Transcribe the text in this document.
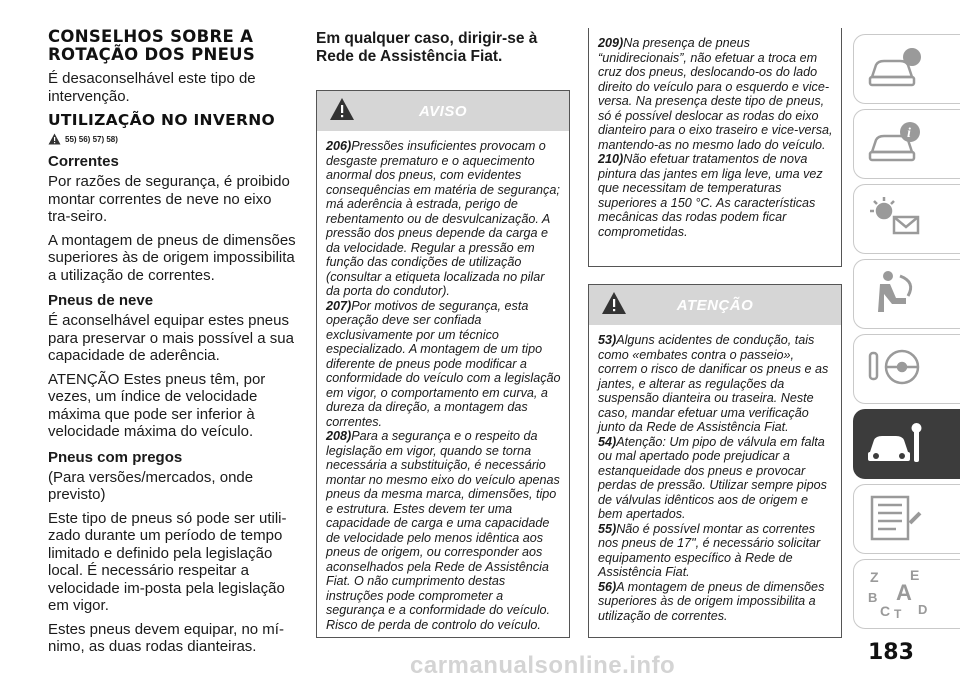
CONSELHOS SOBRE A ROTAÇÃO DOS PNEUS

É desaconselhável este tipo de intervenção.

UTILIZAÇÃO NO INVERNO
55) 56) 57) 58)
Correntes

Por razões de segurança, é proibido montar correntes de neve no eixo tra-seiro.

A montagem de pneus de dimensões superiores às de origem impossibilita a utilização de correntes.

Pneus de neve

É aconselhável equipar estes pneus para preservar o mais possível a sua capacidade de aderência.

ATENÇÃO Estes pneus têm, por vezes, um índice de velocidade máxima que pode ser inferior à velocidade máxima do veículo.

Pneus com pregos

(Para versões/mercados, onde previsto)

Este tipo de pneus só pode ser utili-zado durante um período de tempo limitado e definido pela legislação local. É necessário respeitar a velocidade im-posta pela legislação em vigor.

Estes pneus devem equipar, no mí-nimo, as duas rodas dianteiras.

Em qualquer caso, dirigir-se à Rede de Assistência Fiat.
AVISO

206)Pressões insuficientes provocam o desgaste prematuro e o aquecimento anormal dos pneus, com evidentes consequências em matéria de segurança; má aderência à estrada, perigo de rebentamento ou de desvulcanização. A pressão dos pneus depende da carga e da velocidade. Regular a pressão em função das condições de utilização (consultar a etiqueta localizada no pilar da porta do condutor).

207)Por motivos de segurança, esta operação deve ser confiada exclusivamente por um técnico especializado. A montagem de um tipo diferente de pneus pode modificar a conformidade do veículo com a legislação em vigor, o comportamento em curva, a dureza da direção, a montagem das correntes.

208)Para a segurança e o respeito da legislação em vigor, quando se torna necessária a substituição, é necessário montar no mesmo eixo do veículo apenas pneus da mesma marca, dimensões, tipo e estrutura. Estes devem ter uma capacidade de carga e uma capacidade de velocidade pelo menos idêntica aos pneus de origem, ou corresponder aos aconselhados pela Rede de Assistência Fiat. O não cumprimento destas instruções pode comprometer a segurança e a conformidade do veículo. Risco de perda de controlo do veículo.

209)Na presença de pneus “unidirecionais”, não efetuar a troca em cruz dos pneus, deslocando-os do lado direito do veículo para o esquerdo e vice-versa. Na presença deste tipo de pneus, só é possível deslocar as rodas do eixo dianteiro para o eixo traseiro e vice-versa, mantendo-as no mesmo lado do veículo.

210)Não efetuar tratamentos de nova pintura das jantes em liga leve, uma vez que necessitam de temperaturas superiores a 150 °C. As características mecânicas das rodas podem ficar comprometidas.

ATENÇÃO

53)Alguns acidentes de condução, tais como «embates contra o passeio», correm o risco de danificar os pneus e as jantes, e alterar as regulações da suspensão dianteira ou traseira. Neste caso, mandar efetuar uma verificação junto da Rede de Assistência Fiat.

54)Atenção: Um pipo de válvula em falta ou mal apertado pode prejudicar a estanqueidade dos pneus e provocar perdas de pressão. Utilizar sempre pipos de válvulas idênticos aos de origem e bem apertados.

55)Não é possível montar as correntes nos pneus de 17", é necessário solicitar equipamento específico à Rede de Assistência Fiat.

56)A montagem de pneus de dimensões superiores às de origem impossibilita a utilização de correntes.

i
Z E
B A
C T D
183
carmanualsonline.info
